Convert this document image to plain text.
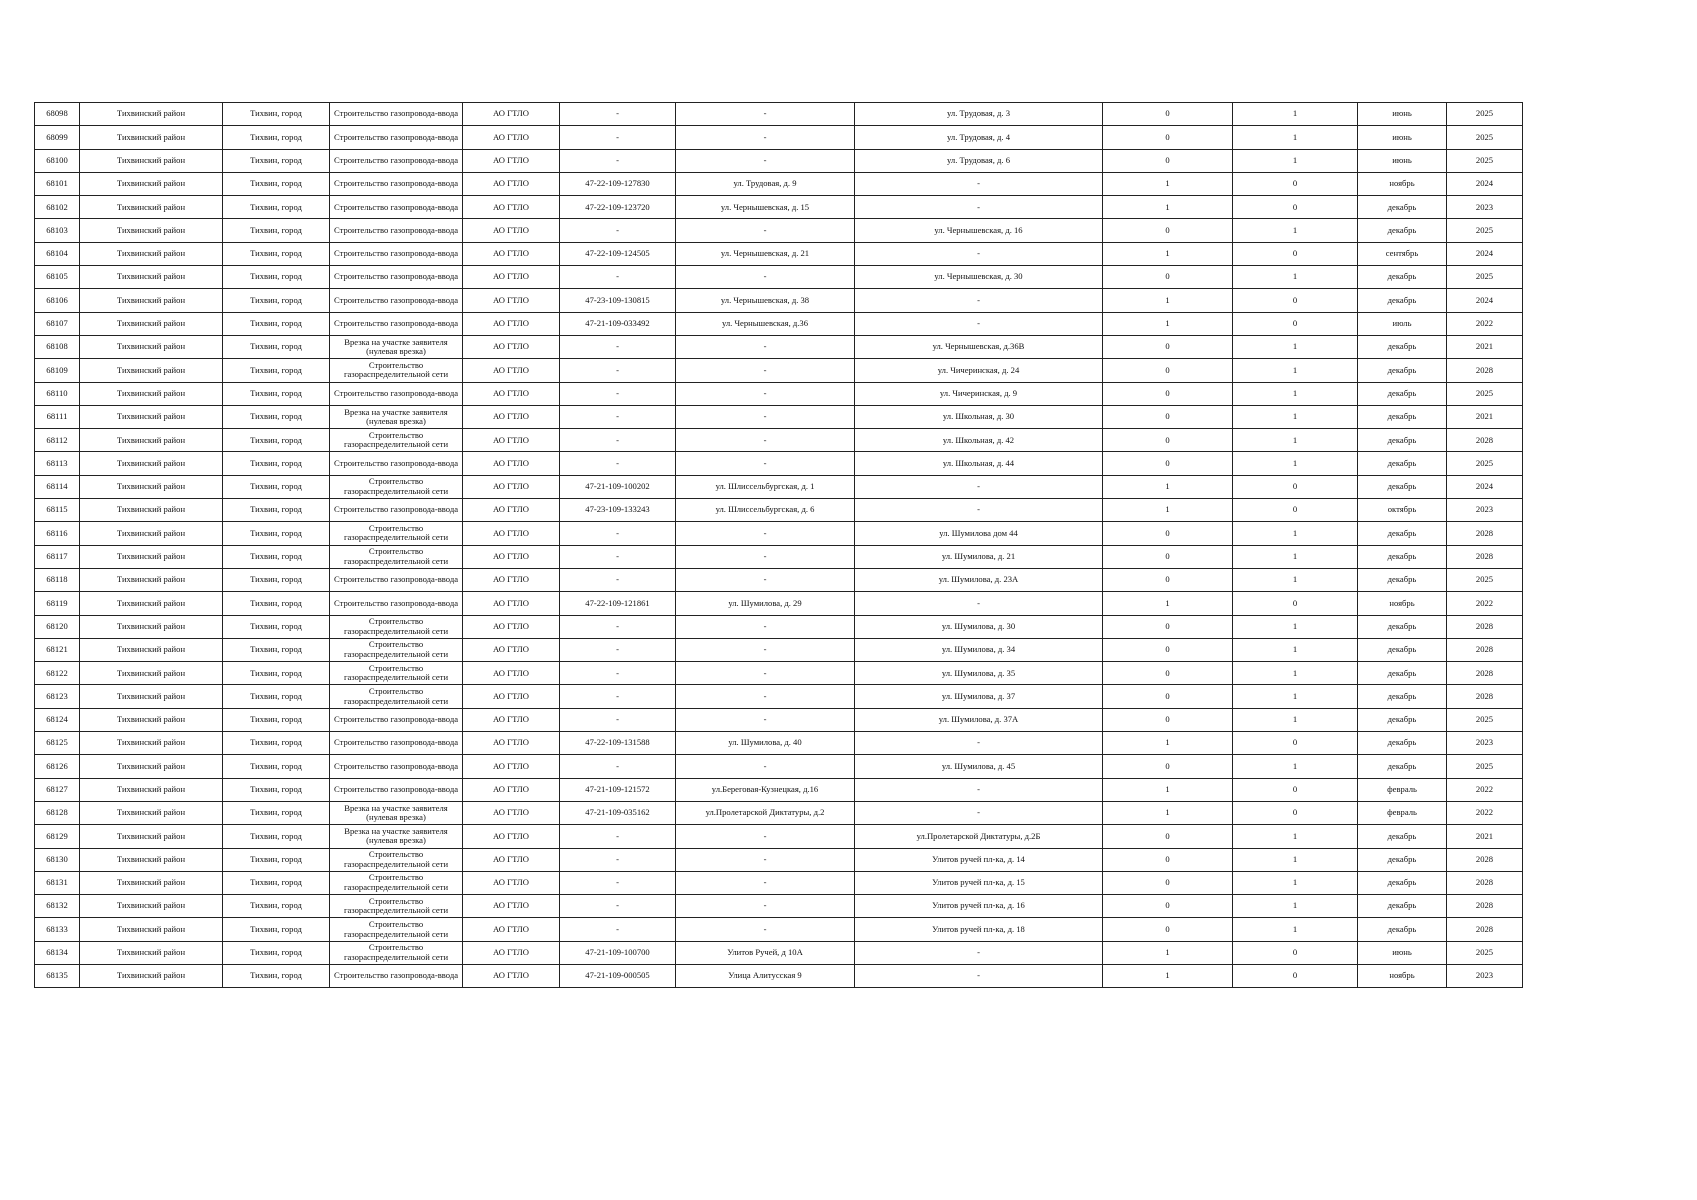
68098	Тихвинский район	Тихвин, город	Строительство газопровода-ввода	АО ГТЛО	-	-	ул. Трудовая, д. 3	0	1	июнь	2025
68099	Тихвинский район	Тихвин, город	Строительство газопровода-ввода	АО ГТЛО	-	-	ул. Трудовая, д. 4	0	1	июнь	2025
68100	Тихвинский район	Тихвин, город	Строительство газопровода-ввода	АО ГТЛО	-	-	ул. Трудовая, д. 6	0	1	июнь	2025
68101	Тихвинский район	Тихвин, город	Строительство газопровода-ввода	АО ГТЛО	47-22-109-127830	ул. Трудовая, д. 9	-	1	0	ноябрь	2024
68102	Тихвинский район	Тихвин, город	Строительство газопровода-ввода	АО ГТЛО	47-22-109-123720	ул. Чернышевская, д. 15	-	1	0	декабрь	2023
68103	Тихвинский район	Тихвин, город	Строительство газопровода-ввода	АО ГТЛО	-	-	ул. Чернышевская, д. 16	0	1	декабрь	2025
68104	Тихвинский район	Тихвин, город	Строительство газопровода-ввода	АО ГТЛО	47-22-109-124505	ул. Чернышевская, д. 21	-	1	0	сентябрь	2024
68105	Тихвинский район	Тихвин, город	Строительство газопровода-ввода	АО ГТЛО	-	-	ул. Чернышевская, д. 30	0	1	декабрь	2025
68106	Тихвинский район	Тихвин, город	Строительство газопровода-ввода	АО ГТЛО	47-23-109-130815	ул. Чернышевская, д. 38	-	1	0	декабрь	2024
68107	Тихвинский район	Тихвин, город	Строительство газопровода-ввода	АО ГТЛО	47-21-109-033492	ул. Чернышевская, д.36	-	1	0	июль	2022
68108	Тихвинский район	Тихвин, город	Врезка на участке заявителя (нулевая врезка)	АО ГТЛО	-	-	ул. Чернышевская, д.36В	0	1	декабрь	2021
68109	Тихвинский район	Тихвин, город	Строительство газораспределительной сети	АО ГТЛО	-	-	ул. Чичеринская, д. 24	0	1	декабрь	2028
68110	Тихвинский район	Тихвин, город	Строительство газопровода-ввода	АО ГТЛО	-	-	ул. Чичеринская, д. 9	0	1	декабрь	2025
68111	Тихвинский район	Тихвин, город	Врезка на участке заявителя (нулевая врезка)	АО ГТЛО	-	-	ул. Школьная, д. 30	0	1	декабрь	2021
68112	Тихвинский район	Тихвин, город	Строительство газораспределительной сети	АО ГТЛО	-	-	ул. Школьная, д. 42	0	1	декабрь	2028
68113	Тихвинский район	Тихвин, город	Строительство газопровода-ввода	АО ГТЛО	-	-	ул. Школьная, д. 44	0	1	декабрь	2025
68114	Тихвинский район	Тихвин, город	Строительство газораспределительной сети	АО ГТЛО	47-21-109-100202	ул. Шлиссельбургская, д. 1	-	1	0	декабрь	2024
68115	Тихвинский район	Тихвин, город	Строительство газопровода-ввода	АО ГТЛО	47-23-109-133243	ул. Шлиссельбургская, д. 6	-	1	0	октябрь	2023
68116	Тихвинский район	Тихвин, город	Строительство газораспределительной сети	АО ГТЛО	-	-	ул. Шумилова дом 44	0	1	декабрь	2028
68117	Тихвинский район	Тихвин, город	Строительство газораспределительной сети	АО ГТЛО	-	-	ул. Шумилова, д. 21	0	1	декабрь	2028
68118	Тихвинский район	Тихвин, город	Строительство газопровода-ввода	АО ГТЛО	-	-	ул. Шумилова, д. 23А	0	1	декабрь	2025
68119	Тихвинский район	Тихвин, город	Строительство газопровода-ввода	АО ГТЛО	47-22-109-121861	ул. Шумилова, д. 29	-	1	0	ноябрь	2022
68120	Тихвинский район	Тихвин, город	Строительство газораспределительной сети	АО ГТЛО	-	-	ул. Шумилова, д. 30	0	1	декабрь	2028
68121	Тихвинский район	Тихвин, город	Строительство газораспределительной сети	АО ГТЛО	-	-	ул. Шумилова, д. 34	0	1	декабрь	2028
68122	Тихвинский район	Тихвин, город	Строительство газораспределительной сети	АО ГТЛО	-	-	ул. Шумилова, д. 35	0	1	декабрь	2028
68123	Тихвинский район	Тихвин, город	Строительство газораспределительной сети	АО ГТЛО	-	-	ул. Шумилова, д. 37	0	1	декабрь	2028
68124	Тихвинский район	Тихвин, город	Строительство газопровода-ввода	АО ГТЛО	-	-	ул. Шумилова, д. 37А	0	1	декабрь	2025
68125	Тихвинский район	Тихвин, город	Строительство газопровода-ввода	АО ГТЛО	47-22-109-131588	ул. Шумилова, д. 40	-	1	0	декабрь	2023
68126	Тихвинский район	Тихвин, город	Строительство газопровода-ввода	АО ГТЛО	-	-	ул. Шумилова, д. 45	0	1	декабрь	2025
68127	Тихвинский район	Тихвин, город	Строительство газопровода-ввода	АО ГТЛО	47-21-109-121572	ул.Береговая-Кузнецкая, д.16	-	1	0	февраль	2022
68128	Тихвинский район	Тихвин, город	Врезка на участке заявителя (нулевая врезка)	АО ГТЛО	47-21-109-035162	ул.Пролетарской Диктатуры, д.2	-	1	0	февраль	2022
68129	Тихвинский район	Тихвин, город	Врезка на участке заявителя (нулевая врезка)	АО ГТЛО	-	-	ул.Пролетарской Диктатуры, д.2Б	0	1	декабрь	2021
68130	Тихвинский район	Тихвин, город	Строительство газораспределительной сети	АО ГТЛО	-	-	Улитов ручей пл-ка, д. 14	0	1	декабрь	2028
68131	Тихвинский район	Тихвин, город	Строительство газораспределительной сети	АО ГТЛО	-	-	Улитов ручей пл-ка, д. 15	0	1	декабрь	2028
68132	Тихвинский район	Тихвин, город	Строительство газораспределительной сети	АО ГТЛО	-	-	Улитов ручей пл-ка, д. 16	0	1	декабрь	2028
68133	Тихвинский район	Тихвин, город	Строительство газораспределительной сети	АО ГТЛО	-	-	Улитов ручей пл-ка, д. 18	0	1	декабрь	2028
68134	Тихвинский район	Тихвин, город	Строительство газораспределительной сети	АО ГТЛО	47-21-109-100700	Улитов Ручей, д 10А	-	1	0	июнь	2025
68135	Тихвинский район	Тихвин, город	Строительство газопровода-ввода	АО ГТЛО	47-21-109-000505	Улица Алитусская 9	-	1	0	ноябрь	2023
